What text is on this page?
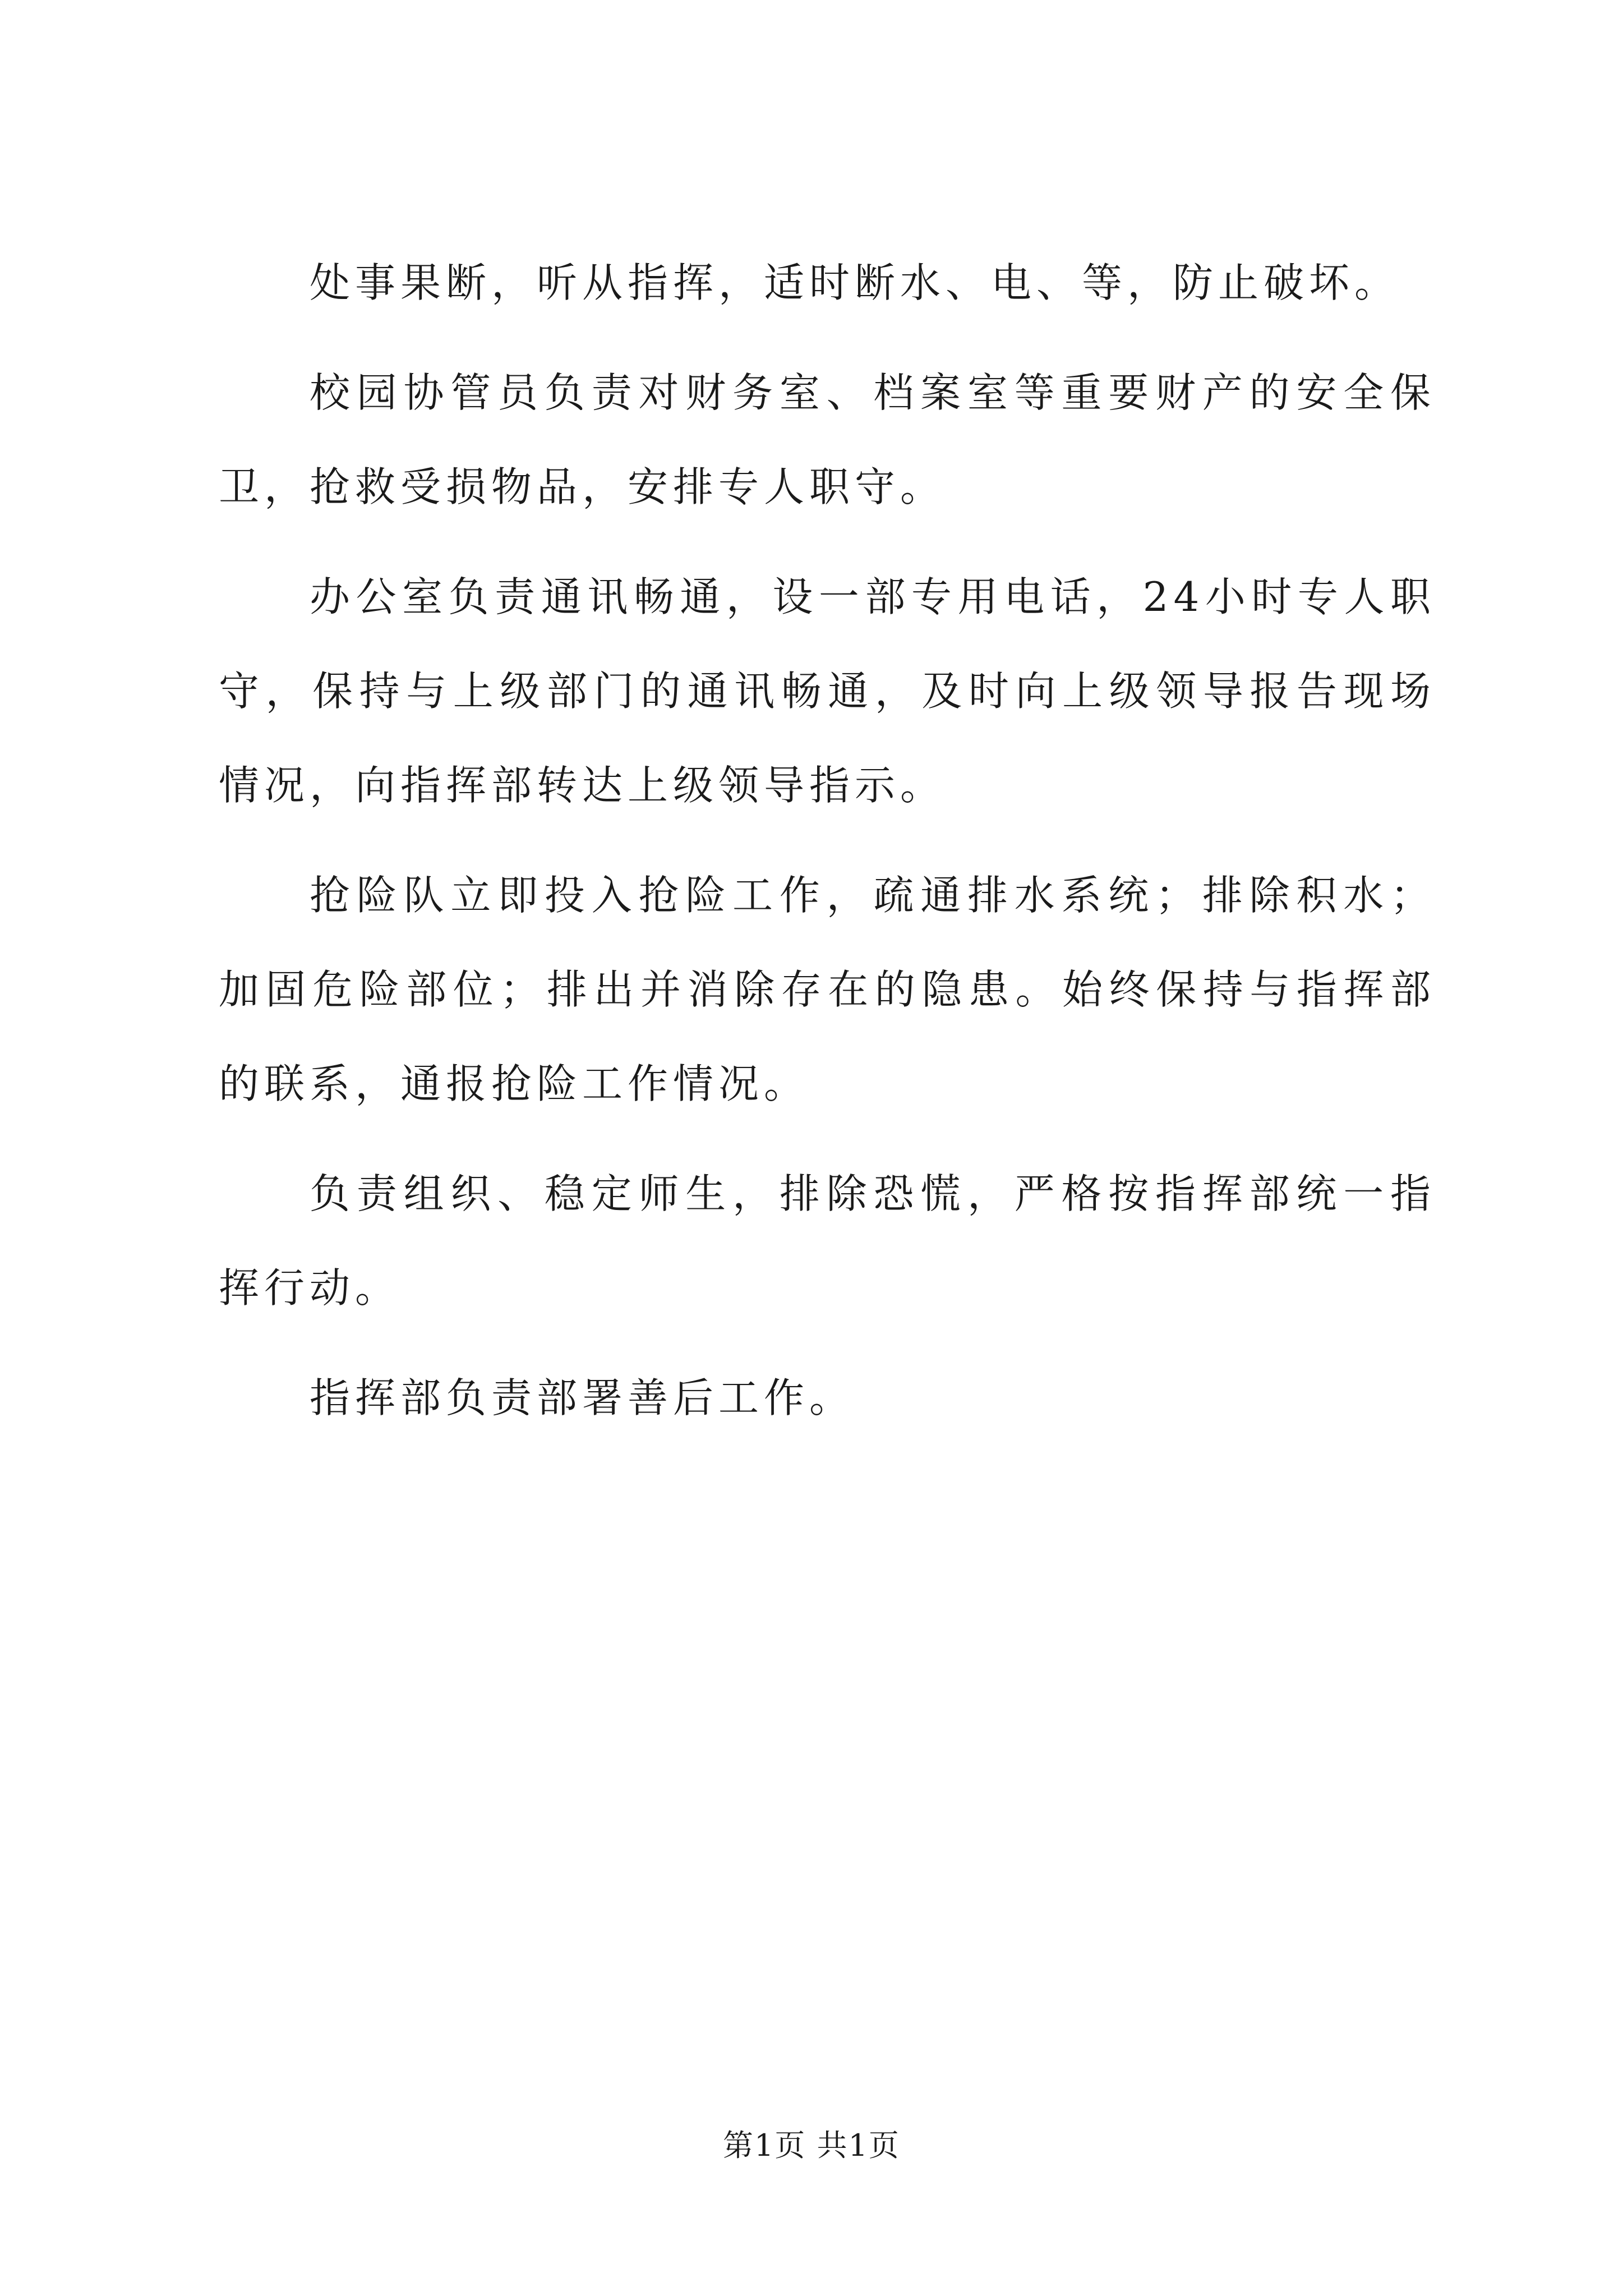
处事果断，听从指挥，适时断水、电、等，防止破坏。

校园协管员负责对财务室、档案室等重要财产的安全保卫，抢救受损物品，安排专人职守。

办公室负责通讯畅通，设一部专用电话，24小时专人职守，保持与上级部门的通讯畅通，及时向上级领导报告现场情况，向指挥部转达上级领导指示。

抢险队立即投入抢险工作，疏通排水系统；排除积水；加固危险部位；排出并消除存在的隐患。始终保持与指挥部的联系，通报抢险工作情况。

负责组织、稳定师生，排除恐慌，严格按指挥部统一指挥行动。

指挥部负责部署善后工作。

第1页 共1页
